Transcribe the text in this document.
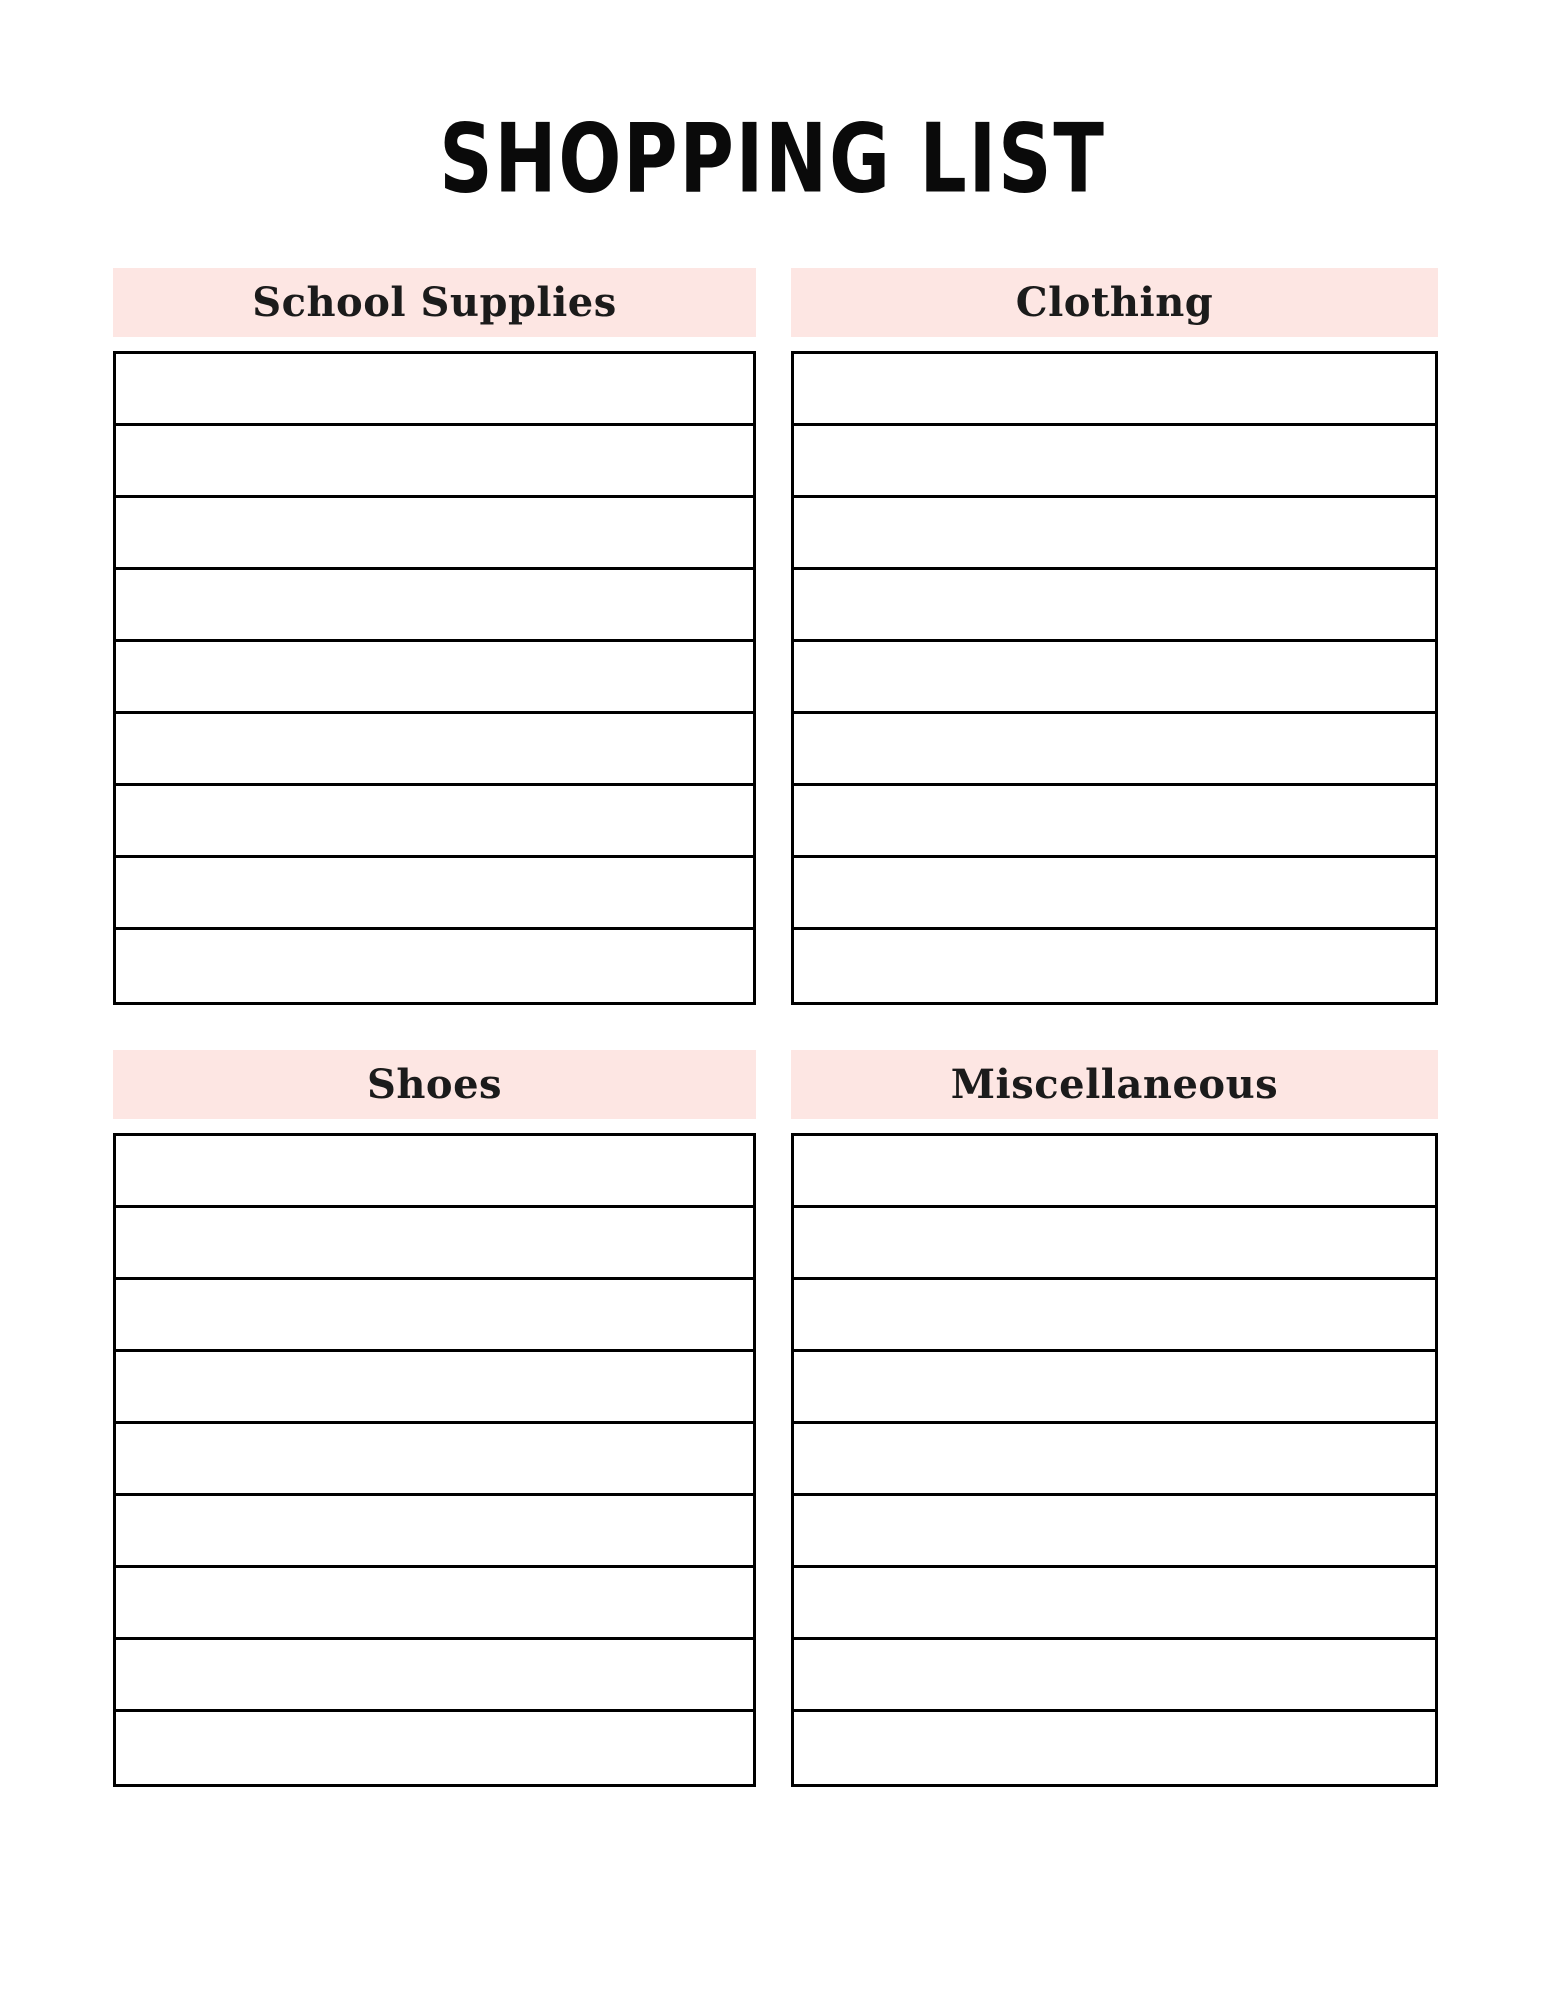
SHOPPING LIST
School Supplies	Clothing
Shoes	Miscellaneous
